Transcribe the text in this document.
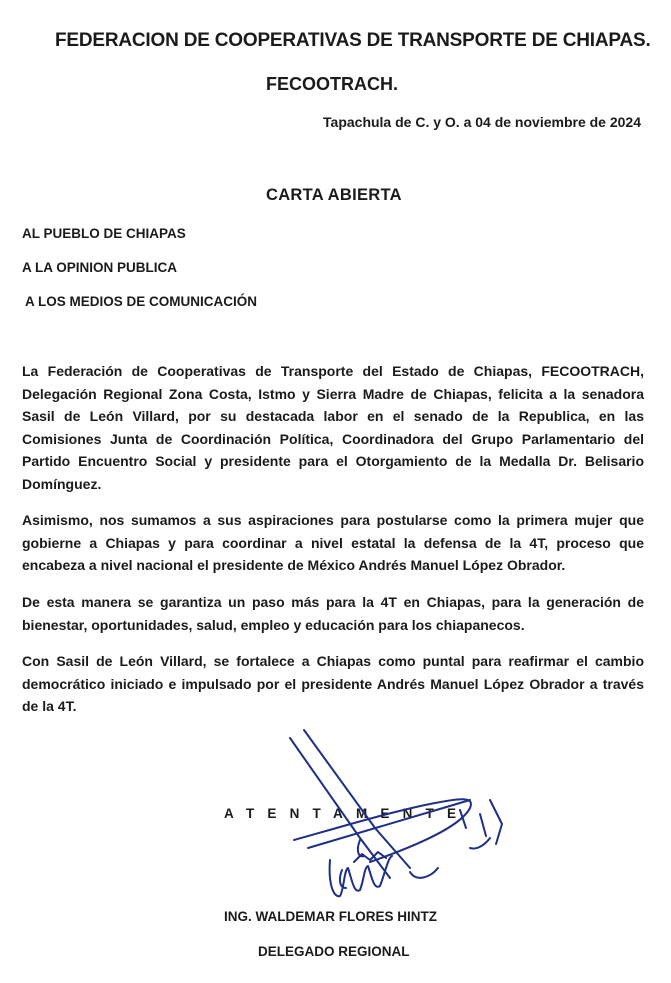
FEDERACION DE COOPERATIVAS DE TRANSPORTE DE CHIAPAS.
FECOOTRACH.
Tapachula de C. y O. a 04 de noviembre de 2024
CARTA ABIERTA
AL PUEBLO DE CHIAPAS
A LA OPINION PUBLICA
A LOS MEDIOS DE COMUNICACIÓN

La Federación de Cooperativas de Transporte del Estado de Chiapas, FECOOTRACH, Delegación Regional Zona Costa, Istmo y Sierra Madre de Chiapas, felicita a la senadora Sasil de León Villard, por su destacada labor en el senado de la Republica, en las Comisiones Junta de Coordinación Política, Coordinadora del Grupo Parlamentario del Partido Encuentro Social y presidente para el Otorgamiento de la Medalla Dr. Belisario Domínguez.

Asimismo, nos sumamos a sus aspiraciones para postularse como la primera mujer que gobierne a Chiapas y para coordinar a nivel estatal la defensa de la 4T, proceso que encabeza a nivel nacional el presidente de México Andrés Manuel López Obrador.

De esta manera se garantiza un paso más para la 4T en Chiapas, para la generación de bienestar, oportunidades, salud, empleo y educación para los chiapanecos.

Con Sasil de León Villard, se fortalece a Chiapas como puntal para reafirmar el cambio democrático iniciado e impulsado por el presidente Andrés Manuel López Obrador a través de la 4T.

ATENTAMENTE
ING. WALDEMAR FLORES HINTZ
DELEGADO REGIONAL
